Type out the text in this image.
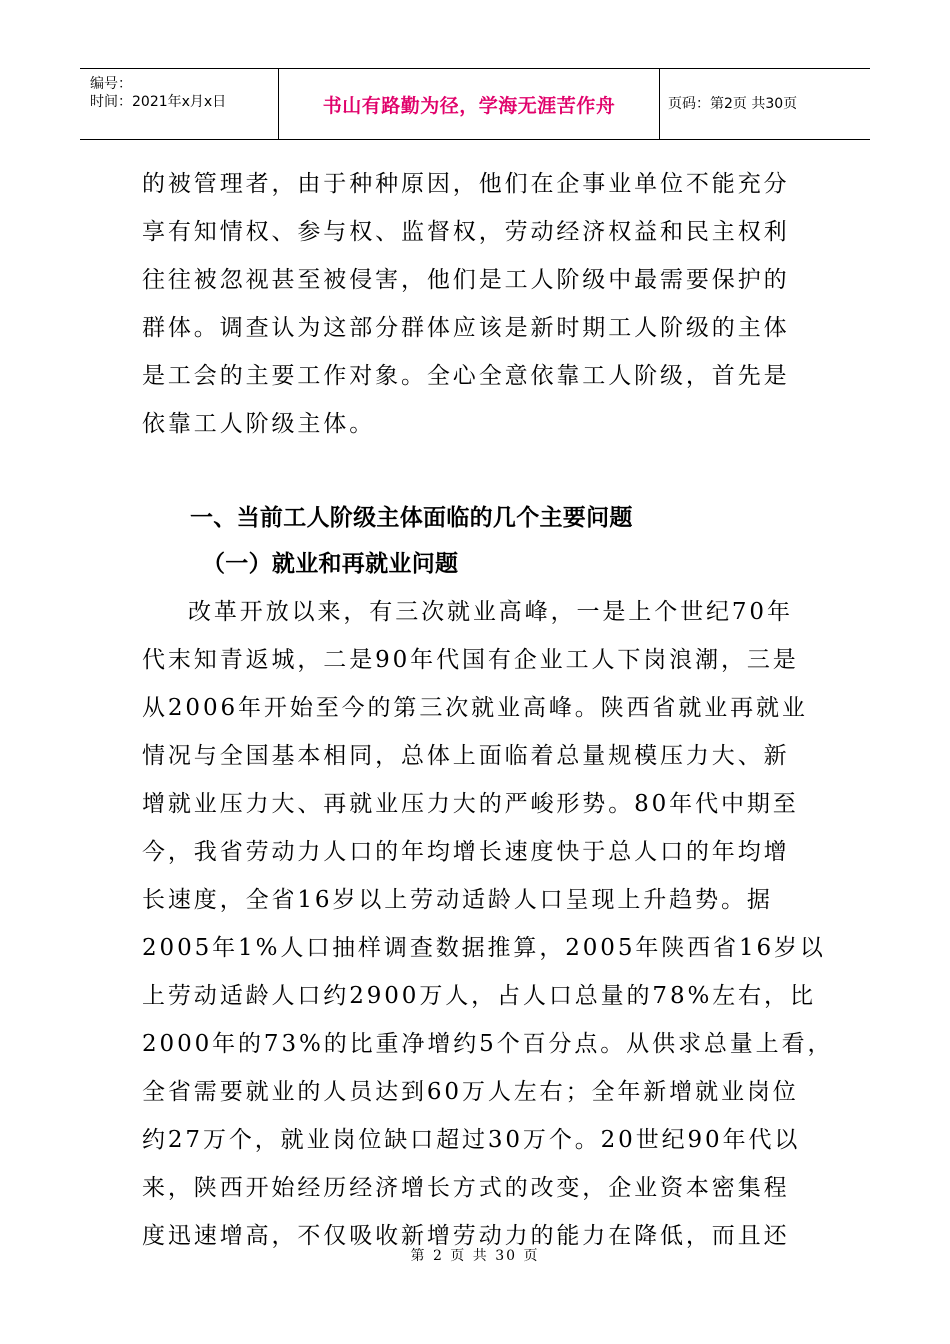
编号：
时间：2021年x月x日	书山有路勤为径，学海无涯苦作舟	页码：第2页 共30页
的被管理者，由于种种原因，他们在企事业单位不能充分
享有知情权、参与权、监督权，劳动经济权益和民主权利
往往被忽视甚至被侵害，他们是工人阶级中最需要保护的
群体。调查认为这部分群体应该是新时期工人阶级的主体
是工会的主要工作对象。全心全意依靠工人阶级，首先是
依靠工人阶级主体。
一、当前工人阶级主体面临的几个主要问题
（一）就业和再就业问题
改革开放以来，有三次就业高峰，一是上个世纪70年
代末知青返城，二是90年代国有企业工人下岗浪潮，三是
从2006年开始至今的第三次就业高峰。陕西省就业再就业
情况与全国基本相同，总体上面临着总量规模压力大、新
增就业压力大、再就业压力大的严峻形势。80年代中期至
今，我省劳动力人口的年均增长速度快于总人口的年均增
长速度，全省16岁以上劳动适龄人口呈现上升趋势。据
2005年1%人口抽样调查数据推算，2005年陕西省16岁以
上劳动适龄人口约2900万人，占人口总量的78%左右，比
2000年的73%的比重净增约5个百分点。从供求总量上看，
全省需要就业的人员达到60万人左右；全年新增就业岗位
约27万个，就业岗位缺口超过30万个。20世纪90年代以
来，陕西开始经历经济增长方式的改变，企业资本密集程
度迅速增高，不仅吸收新增劳动力的能力在降低，而且还
第 2 页 共 30 页
